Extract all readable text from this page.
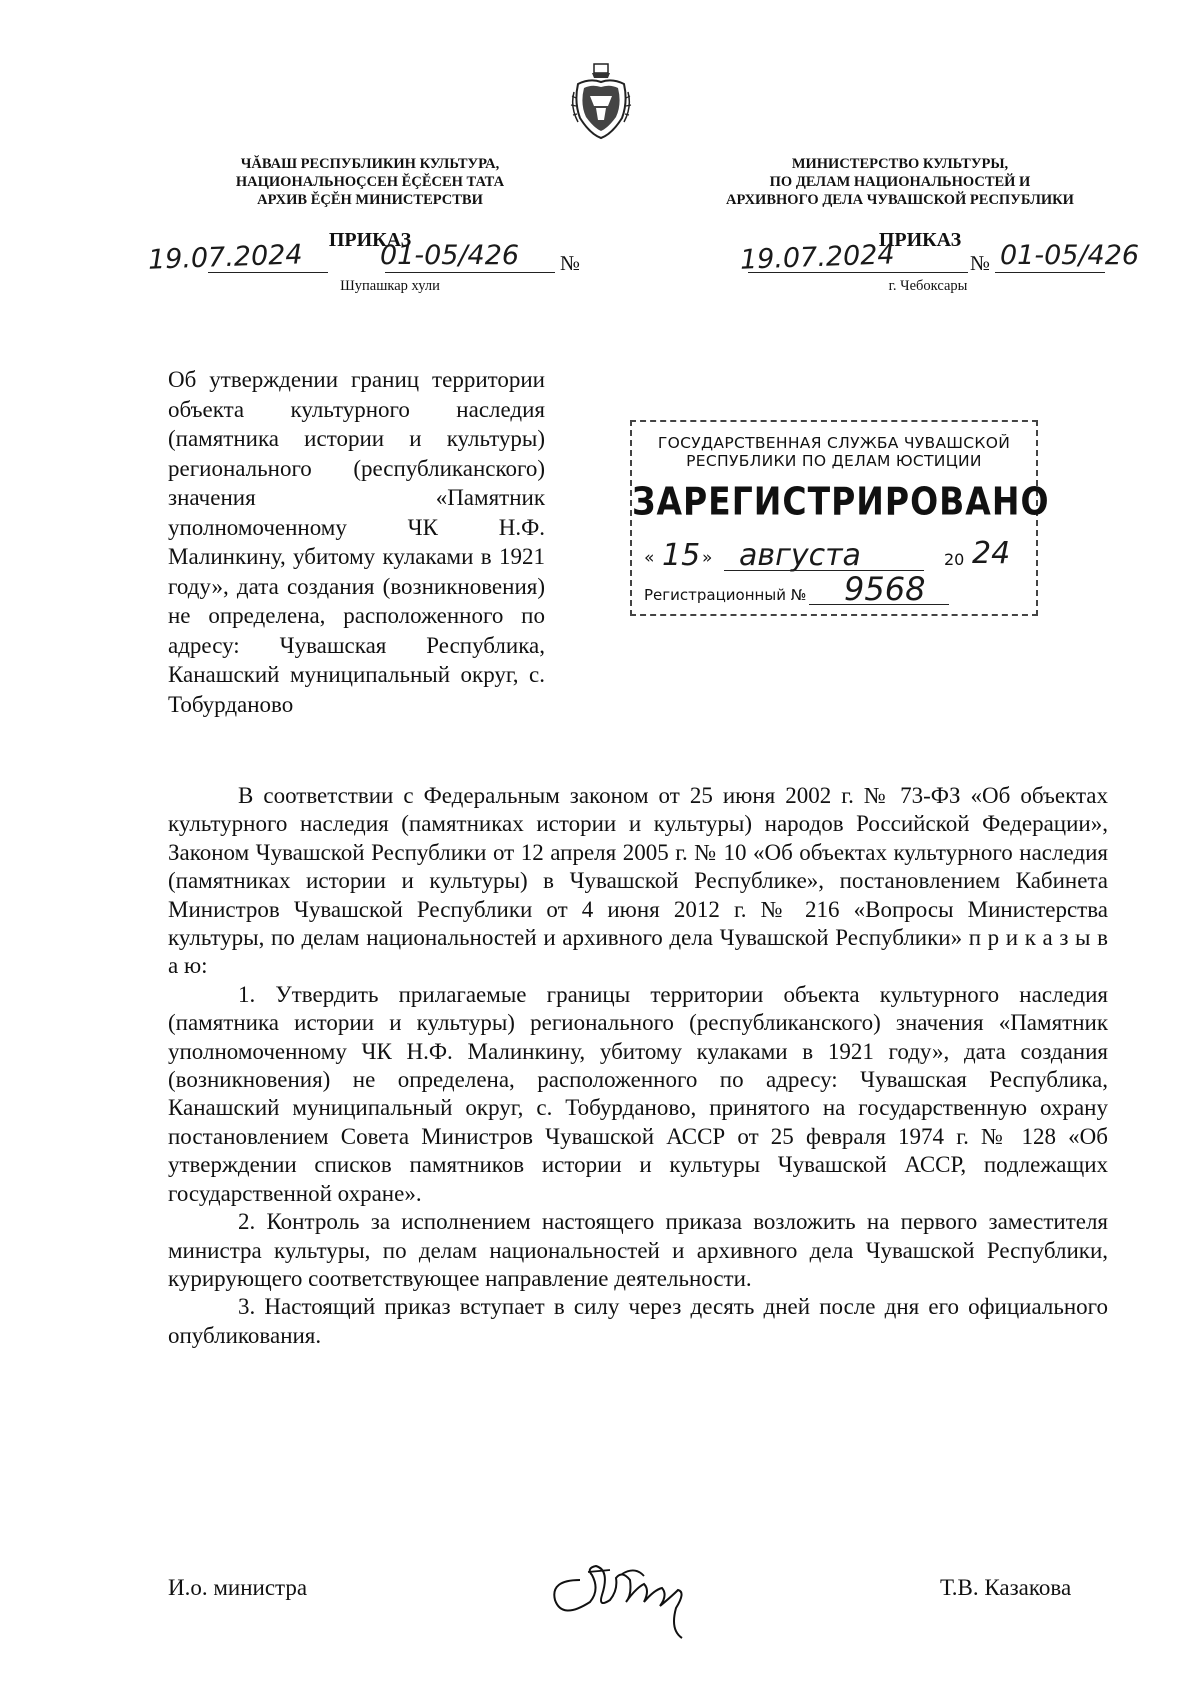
ЧĂВАШ РЕСПУБЛИКИН КУЛЬТУРА,
НАЦИОНАЛЬНОÇСЕН ĔÇĔСЕН ТАТА
АРХИВ ĔÇĔН МИНИСТЕРСТВИ
МИНИСТЕРСТВО КУЛЬТУРЫ,
ПО ДЕЛАМ НАЦИОНАЛЬНОСТЕЙ И
АРХИВНОГО ДЕЛА ЧУВАШСКОЙ РЕСПУБЛИКИ
ПРИКАЗ
19.07.2024	01-05/426 №
Шупашкар хули
ПРИКАЗ
19.07.2024	№ 01-05/426
г. Чебоксары
Об утверждении границ территории объекта культурного наследия (памятника истории и культуры) регионального (республиканского) значения «Памятник уполномоченному ЧК Н.Ф. Малинкину, убитому кулаками в 1921 году», дата создания (возникновения) не определена, расположенного по адресу: Чувашская Республика, Канашский муниципальный округ, с. Тобурданово
ГОСУДАРСТВЕННАЯ СЛУЖБА ЧУВАШСКОЙ
РЕСПУБЛИКИ ПО ДЕЛАМ ЮСТИЦИИ
ЗАРЕГИСТРИРОВАНО
« 15 » августа	20 24
Регистрационный № 9568

В соответствии с Федеральным законом от 25 июня 2002 г. № 73-ФЗ «Об объектах культурного наследия (памятниках истории и культуры) народов Российской Федерации», Законом Чувашской Республики от 12 апреля 2005 г. № 10 «Об объектах культурного наследия (памятниках истории и культуры) в Чувашской Республике», постановлением Кабинета Министров Чувашской Республики от 4 июня 2012 г. № 216 «Вопросы Министерства культуры, по делам национальностей и архивного дела Чувашской Республики» п р и к а з ы в а ю:

1. Утвердить прилагаемые границы территории объекта культурного наследия (памятника истории и культуры) регионального (республиканского) значения «Памятник уполномоченному ЧК Н.Ф. Малинкину, убитому кулаками в 1921 году», дата создания (возникновения) не определена, расположенного по адресу: Чувашская Республика, Канашский муниципальный округ, с. Тобурданово, принятого на государственную охрану постановлением Совета Министров Чувашской АССР от 25 февраля 1974 г. № 128 «Об утверждении списков памятников истории и культуры Чувашской АССР, подлежащих государственной охране».

2. Контроль за исполнением настоящего приказа возложить на первого заместителя министра культуры, по делам национальностей и архивного дела Чувашской Республики, курирующего соответствующее направление деятельности.

3. Настоящий приказ вступает в силу через десять дней после дня его официального опубликования.

И.о. министра	Т.В. Казакова
